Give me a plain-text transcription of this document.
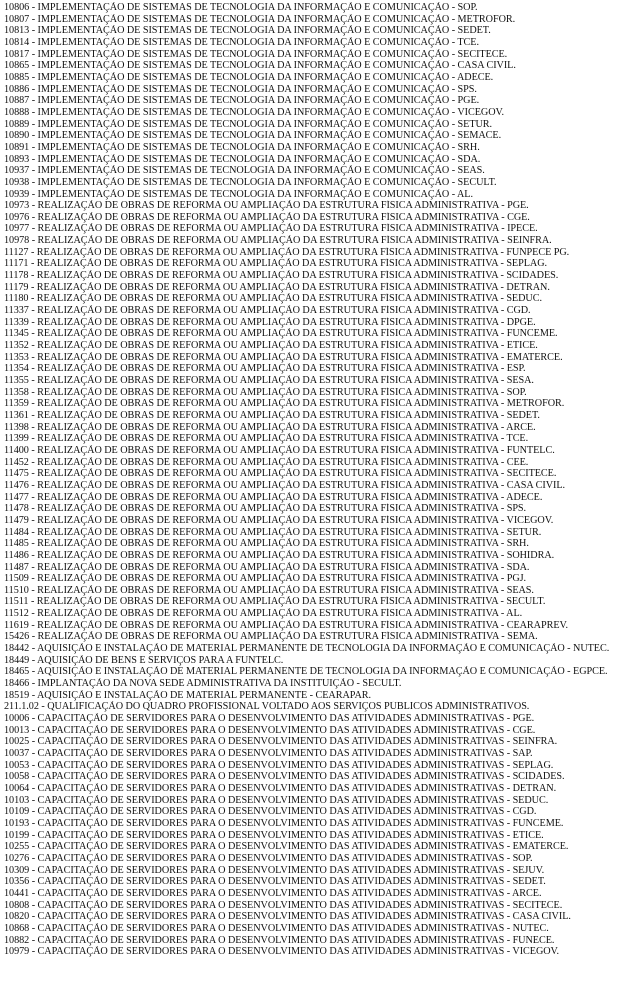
10806 - IMPLEMENTAÇÃO DE SISTEMAS DE TECNOLOGIA DA INFORMAÇÃO E COMUNICAÇÃO - SOP.
10807 - IMPLEMENTAÇÃO DE SISTEMAS DE TECNOLOGIA DA INFORMAÇÃO E COMUNICAÇÃO - METROFOR.
10813 - IMPLEMENTAÇÃO DE SISTEMAS DE TECNOLOGIA DA INFORMAÇÃO E COMUNICAÇÃO - SEDET.
10814 - IMPLEMENTAÇÃO DE SISTEMAS DE TECNOLOGIA DA INFORMAÇÃO E COMUNICAÇÃO - TCE.
10817 - IMPLEMENTAÇÃO DE SISTEMAS DE TECNOLOGIA DA INFORMAÇÃO E COMUNICAÇÃO - SECITECE.
10865 - IMPLEMENTAÇÃO DE SISTEMAS DE TECNOLOGIA DA INFORMAÇÃO E COMUNICAÇÃO - CASA CIVIL.
10885 - IMPLEMENTAÇÃO DE SISTEMAS DE TECNOLOGIA DA INFORMAÇÃO E COMUNICAÇÃO - ADECE.
10886 - IMPLEMENTAÇÃO DE SISTEMAS DE TECNOLOGIA DA INFORMAÇÃO E COMUNICAÇÃO - SPS.
10887 - IMPLEMENTAÇÃO DE SISTEMAS DE TECNOLOGIA DA INFORMAÇÃO E COMUNICAÇÃO - PGE.
10888 - IMPLEMENTAÇÃO DE SISTEMAS DE TECNOLOGIA DA INFORMAÇÃO E COMUNICAÇÃO - VICEGOV.
10889 - IMPLEMENTAÇÃO DE SISTEMAS DE TECNOLOGIA DA INFORMAÇÃO E COMUNICAÇÃO - SETUR.
10890 - IMPLEMENTAÇÃO DE SISTEMAS DE TECNOLOGIA DA INFORMAÇÃO E COMUNICAÇÃO - SEMACE.
10891 - IMPLEMENTAÇÃO DE SISTEMAS DE TECNOLOGIA DA INFORMAÇÃO E COMUNICAÇÃO - SRH.
10893 - IMPLEMENTAÇÃO DE SISTEMAS DE TECNOLOGIA DA INFORMAÇÃO E COMUNICAÇÃO - SDA.
10937 - IMPLEMENTAÇÃO DE SISTEMAS DE TECNOLOGIA DA INFORMAÇÃO E COMUNICAÇÃO - SEAS.
10938 - IMPLEMENTAÇÃO DE SISTEMAS DE TECNOLOGIA DA INFORMAÇÃO E COMUNICAÇÃO - SECULT.
10939 - IMPLEMENTAÇÃO DE SISTEMAS DE TECNOLOGIA DA INFORMAÇÃO E COMUNICAÇÃO - AL.
10973 - REALIZAÇÃO DE OBRAS DE REFORMA OU AMPLIAÇÃO DA ESTRUTURA FÍSICA ADMINISTRATIVA - PGE.
10976 - REALIZAÇÃO DE OBRAS DE REFORMA OU AMPLIAÇÃO DA ESTRUTURA FÍSICA ADMINISTRATIVA - CGE.
10977 - REALIZAÇÃO DE OBRAS DE REFORMA OU AMPLIAÇÃO DA ESTRUTURA FÍSICA ADMINISTRATIVA - IPECE.
10978 - REALIZAÇÃO DE OBRAS DE REFORMA OU AMPLIAÇÃO DA ESTRUTURA FÍSICA ADMINISTRATIVA - SEINFRA.
11127 - REALIZAÇÃO DE OBRAS DE REFORMA OU AMPLIAÇÃO DA ESTRUTURA FÍSICA ADMINISTRATIVA - FUNPECE PG.
11171 - REALIZAÇÃO DE OBRAS DE REFORMA OU AMPLIAÇÃO DA ESTRUTURA FÍSICA ADMINISTRATIVA - SEPLAG.
11178 - REALIZAÇÃO DE OBRAS DE REFORMA OU AMPLIAÇÃO DA ESTRUTURA FÍSICA ADMINISTRATIVA - SCIDADES.
11179 - REALIZAÇÃO DE OBRAS DE REFORMA OU AMPLIAÇÃO DA ESTRUTURA FÍSICA ADMINISTRATIVA - DETRAN.
11180 - REALIZAÇÃO DE OBRAS DE REFORMA OU AMPLIAÇÃO DA ESTRUTURA FÍSICA ADMINISTRATIVA - SEDUC.
11337 - REALIZAÇÃO DE OBRAS DE REFORMA OU AMPLIAÇÃO DA ESTRUTURA FÍSICA ADMINISTRATIVA - CGD.
11339 - REALIZAÇÃO DE OBRAS DE REFORMA OU AMPLIAÇÃO DA ESTRUTURA FÍSICA ADMINISTRATIVA - DPGE.
11345 - REALIZAÇÃO DE OBRAS DE REFORMA OU AMPLIAÇÃO DA ESTRUTURA FÍSICA ADMINISTRATIVA - FUNCEME.
11352 - REALIZAÇÃO DE OBRAS DE REFORMA OU AMPLIAÇÃO DA ESTRUTURA FÍSICA ADMINISTRATIVA - ETICE.
11353 - REALIZAÇÃO DE OBRAS DE REFORMA OU AMPLIAÇÃO DA ESTRUTURA FÍSICA ADMINISTRATIVA - EMATERCE.
11354 - REALIZAÇÃO DE OBRAS DE REFORMA OU AMPLIAÇÃO DA ESTRUTURA FÍSICA ADMINISTRATIVA - ESP.
11355 - REALIZAÇÃO DE OBRAS DE REFORMA OU AMPLIAÇÃO DA ESTRUTURA FÍSICA ADMINISTRATIVA - SESA.
11358 - REALIZAÇÃO DE OBRAS DE REFORMA OU AMPLIAÇÃO DA ESTRUTURA FÍSICA ADMINISTRATIVA - SOP.
11359 - REALIZAÇÃO DE OBRAS DE REFORMA OU AMPLIAÇÃO DA ESTRUTURA FÍSICA ADMINISTRATIVA - METROFOR.
11361 - REALIZAÇÃO DE OBRAS DE REFORMA OU AMPLIAÇÃO DA ESTRUTURA FÍSICA ADMINISTRATIVA - SEDET.
11398 - REALIZAÇÃO DE OBRAS DE REFORMA OU AMPLIAÇÃO DA ESTRUTURA FÍSICA ADMINISTRATIVA - ARCE.
11399 - REALIZAÇÃO DE OBRAS DE REFORMA OU AMPLIAÇÃO DA ESTRUTURA FÍSICA ADMINISTRATIVA - TCE.
11400 - REALIZAÇÃO DE OBRAS DE REFORMA OU AMPLIAÇÃO DA ESTRUTURA FÍSICA ADMINISTRATIVA - FUNTELC.
11452 - REALIZAÇÃO DE OBRAS DE REFORMA OU AMPLIAÇÃO DA ESTRUTURA FÍSICA ADMINISTRATIVA - CEE.
11475 - REALIZAÇÃO DE OBRAS DE REFORMA OU AMPLIAÇÃO DA ESTRUTURA FÍSICA ADMINISTRATIVA - SECITECE.
11476 - REALIZAÇÃO DE OBRAS DE REFORMA OU AMPLIAÇÃO DA ESTRUTURA FÍSICA ADMINISTRATIVA - CASA CIVIL.
11477 - REALIZAÇÃO DE OBRAS DE REFORMA OU AMPLIAÇÃO DA ESTRUTURA FÍSICA ADMINISTRATIVA - ADECE.
11478 - REALIZAÇÃO DE OBRAS DE REFORMA OU AMPLIAÇÃO DA ESTRUTURA FÍSICA ADMINISTRATIVA - SPS.
11479 - REALIZAÇÃO DE OBRAS DE REFORMA OU AMPLIAÇÃO DA ESTRUTURA FÍSICA ADMINISTRATIVA - VICEGOV.
11484 - REALIZAÇÃO DE OBRAS DE REFORMA OU AMPLIAÇÃO DA ESTRUTURA FÍSICA ADMINISTRATIVA - SETUR.
11485 - REALIZAÇÃO DE OBRAS DE REFORMA OU AMPLIAÇÃO DA ESTRUTURA FÍSICA ADMINISTRATIVA - SRH.
11486 - REALIZAÇÃO DE OBRAS DE REFORMA OU AMPLIAÇÃO DA ESTRUTURA FÍSICA ADMINISTRATIVA - SOHIDRA.
11487 - REALIZAÇÃO DE OBRAS DE REFORMA OU AMPLIAÇÃO DA ESTRUTURA FÍSICA ADMINISTRATIVA - SDA.
11509 - REALIZAÇÃO DE OBRAS DE REFORMA OU AMPLIAÇÃO DA ESTRUTURA FÍSICA ADMINISTRATIVA - PGJ.
11510 - REALIZAÇÃO DE OBRAS DE REFORMA OU AMPLIAÇÃO DA ESTRUTURA FÍSICA ADMINISTRATIVA - SEAS.
11511 - REALIZAÇÃO DE OBRAS DE REFORMA OU AMPLIAÇÃO DA ESTRUTURA FÍSICA ADMINISTRATIVA - SECULT.
11512 - REALIZAÇÃO DE OBRAS DE REFORMA OU AMPLIAÇÃO DA ESTRUTURA FÍSICA ADMINISTRATIVA - AL.
11619 - REALIZAÇÃO DE OBRAS DE REFORMA OU AMPLIAÇÃO DA ESTRUTURA FÍSICA ADMINISTRATIVA - CEARAPREV.
15426 - REALIZAÇÃO DE OBRAS DE REFORMA OU AMPLIAÇÃO DA ESTRUTURA FÍSICA ADMINISTRATIVA - SEMA.
18442 - AQUISIÇÃO E INSTALAÇÃO DE MATERIAL PERMANENTE DE TECNOLOGIA DA INFORMAÇÃO E COMUNICAÇÃO - NUTEC.
18449 - AQUISIÇÃO DE BENS E SERVIÇOS PARA A FUNTELC.
18465 - AQUISIÇÃO E INSTALAÇÃO DE MATERIAL PERMANENTE DE TECNOLOGIA DA INFORMAÇÃO E COMUNICAÇÃO - EGPCE.
18466 - IMPLANTAÇÃO DA NOVA SEDE ADMINISTRATIVA DA INSTITUIÇÃO - SECULT.
18519 - AQUISIÇÃO E INSTALAÇÃO DE MATERIAL PERMANENTE - CEARAPAR.
211.1.02 - QUALIFICAÇÃO DO QUADRO PROFISSIONAL VOLTADO AOS SERVIÇOS PÚBLICOS ADMINISTRATIVOS.
10006 - CAPACITAÇÃO DE SERVIDORES PARA O DESENVOLVIMENTO DAS ATIVIDADES ADMINISTRATIVAS - PGE.
10013 - CAPACITAÇÃO DE SERVIDORES PARA O DESENVOLVIMENTO DAS ATIVIDADES ADMINISTRATIVAS - CGE.
10025 - CAPACITAÇÃO DE SERVIDORES PARA O DESENVOLVIMENTO DAS ATIVIDADES ADMINISTRATIVAS - SEINFRA.
10037 - CAPACITAÇÃO DE SERVIDORES PARA O DESENVOLVIMENTO DAS ATIVIDADES ADMINISTRATIVAS - SAP.
10053 - CAPACITAÇÃO DE SERVIDORES PARA O DESENVOLVIMENTO DAS ATIVIDADES ADMINISTRATIVAS - SEPLAG.
10058 - CAPACITAÇÃO DE SERVIDORES PARA O DESENVOLVIMENTO DAS ATIVIDADES ADMINISTRATIVAS - SCIDADES.
10064 - CAPACITAÇÃO DE SERVIDORES PARA O DESENVOLVIMENTO DAS ATIVIDADES ADMINISTRATIVAS - DETRAN.
10103 - CAPACITAÇÃO DE SERVIDORES PARA O DESENVOLVIMENTO DAS ATIVIDADES ADMINISTRATIVAS - SEDUC.
10109 - CAPACITAÇÃO DE SERVIDORES PARA O DESENVOLVIMENTO DAS ATIVIDADES ADMINISTRATIVAS - CGD.
10193 - CAPACITAÇÃO DE SERVIDORES PARA O DESENVOLVIMENTO DAS ATIVIDADES ADMINISTRATIVAS - FUNCEME.
10199 - CAPACITAÇÃO DE SERVIDORES PARA O DESENVOLVIMENTO DAS ATIVIDADES ADMINISTRATIVAS - ETICE.
10255 - CAPACITAÇÃO DE SERVIDORES PARA O DESENVOLVIMENTO DAS ATIVIDADES ADMINISTRATIVAS - EMATERCE.
10276 - CAPACITAÇÃO DE SERVIDORES PARA O DESENVOLVIMENTO DAS ATIVIDADES ADMINISTRATIVAS - SOP.
10309 - CAPACITAÇÃO DE SERVIDORES PARA O DESENVOLVIMENTO DAS ATIVIDADES ADMINISTRATIVAS - SEJUV.
10356 - CAPACITAÇÃO DE SERVIDORES PARA O DESENVOLVIMENTO DAS ATIVIDADES ADMINISTRATIVAS - SEDET.
10441 - CAPACITAÇÃO DE SERVIDORES PARA O DESENVOLVIMENTO DAS ATIVIDADES ADMINISTRATIVAS - ARCE.
10808 - CAPACITAÇÃO DE SERVIDORES PARA O DESENVOLVIMENTO DAS ATIVIDADES ADMINISTRATIVAS - SECITECE.
10820 - CAPACITAÇÃO DE SERVIDORES PARA O DESENVOLVIMENTO DAS ATIVIDADES ADMINISTRATIVAS - CASA CIVIL.
10868 - CAPACITAÇÃO DE SERVIDORES PARA O DESENVOLVIMENTO DAS ATIVIDADES ADMINISTRATIVAS - NUTEC.
10882 - CAPACITAÇÃO DE SERVIDORES PARA O DESENVOLVIMENTO DAS ATIVIDADES ADMINISTRATIVAS - FUNECE.
10979 - CAPACITAÇÃO DE SERVIDORES PARA O DESENVOLVIMENTO DAS ATIVIDADES ADMINISTRATIVAS - VICEGOV.
